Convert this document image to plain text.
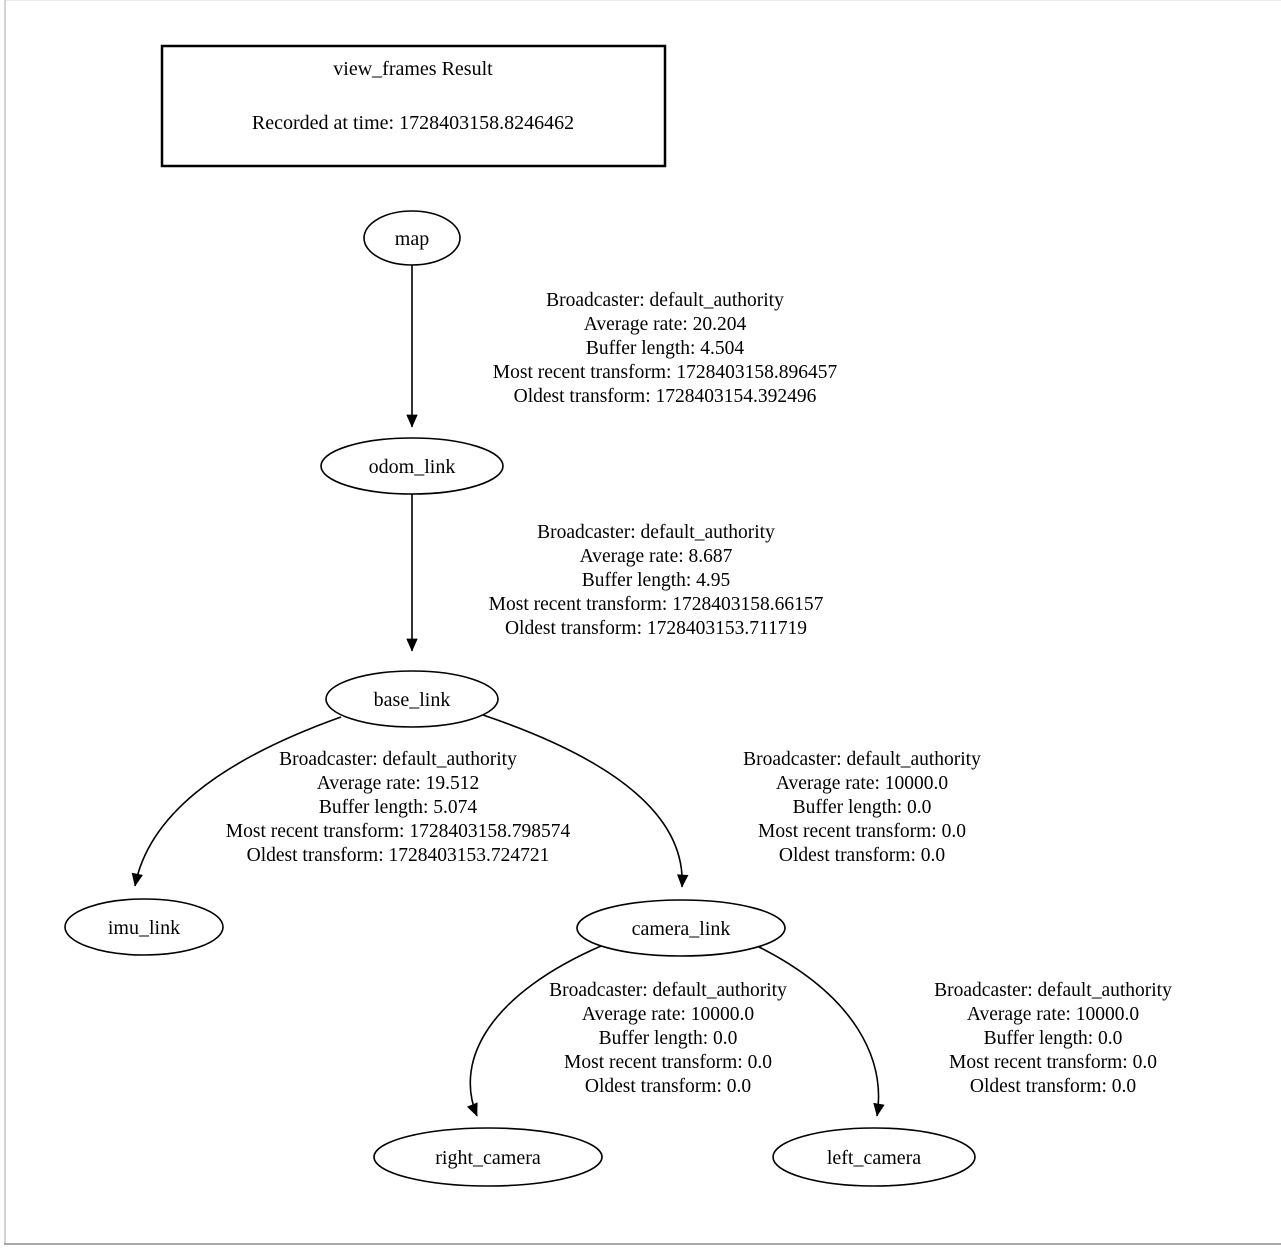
view_frames Result
Recorded at time: 1728403158.8246462
Broadcaster: default_authority
Average rate: 20.204
Buffer length: 4.504
Most recent transform: 1728403158.896457
Oldest transform: 1728403154.392496
Broadcaster: default_authority
Average rate: 8.687
Buffer length: 4.95
Most recent transform: 1728403158.66157
Oldest transform: 1728403153.711719
Broadcaster: default_authority
Average rate: 19.512
Buffer length: 5.074
Most recent transform: 1728403158.798574
Oldest transform: 1728403153.724721
Broadcaster: default_authority
Average rate: 10000.0
Buffer length: 0.0
Most recent transform: 0.0
Oldest transform: 0.0
Broadcaster: default_authority
Average rate: 10000.0
Buffer length: 0.0
Most recent transform: 0.0
Oldest transform: 0.0
Broadcaster: default_authority
Average rate: 10000.0
Buffer length: 0.0
Most recent transform: 0.0
Oldest transform: 0.0
map
odom_link
base_link
imu_link	camera_link
right_camera	left_camera
